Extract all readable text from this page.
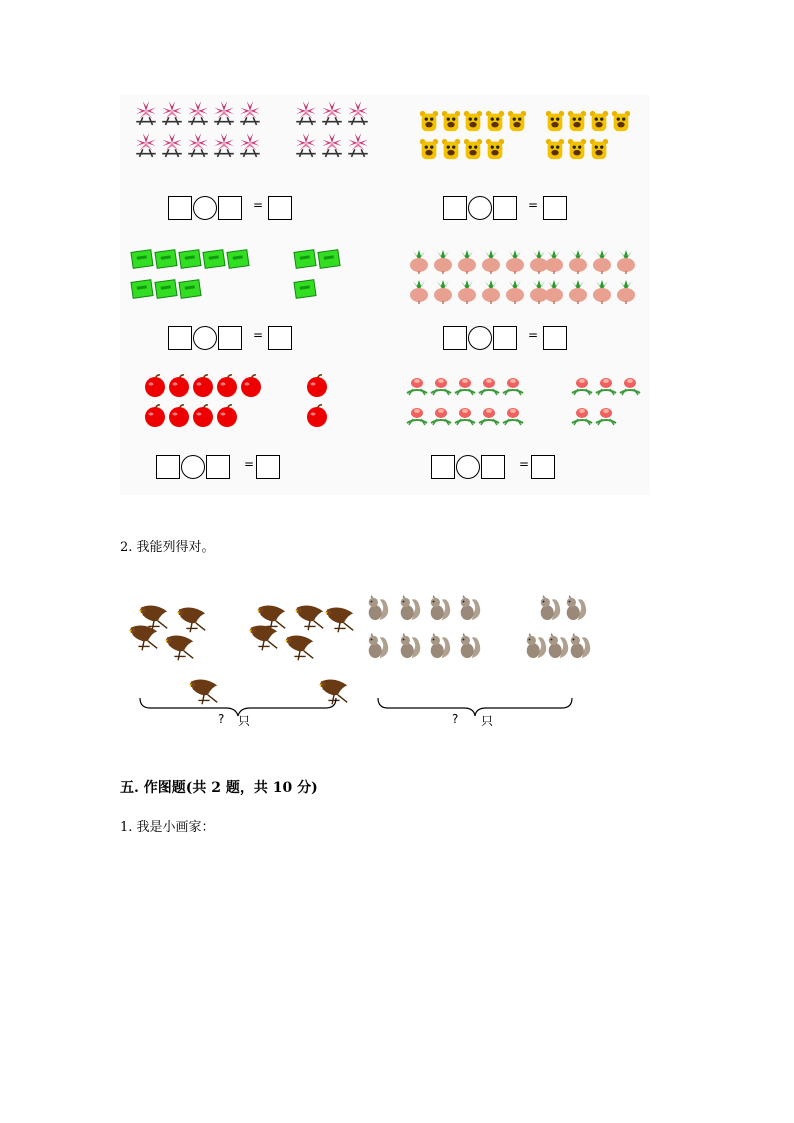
=	=
=	=
=	=
2. 我能列得对。
? 只	? 只
五. 作图题(共 2 题，共 10 分)
1. 我是小画家：
